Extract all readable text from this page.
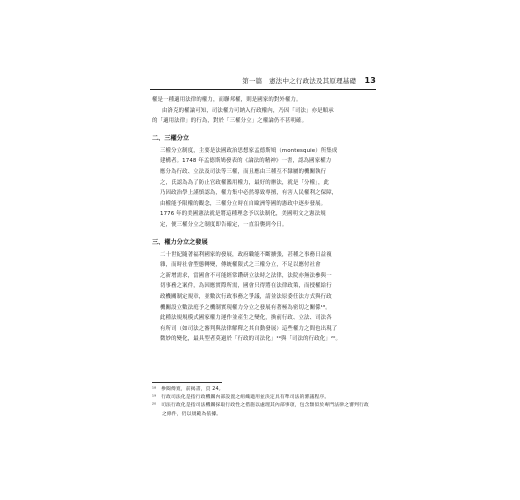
第一篇　憲法中之行政法及其原理基礎 13

權是一種適用法律的權力，而聯邦權，則是國家的對外權力。

由洛克的權論可知，司法權力可納入行政權內，乃因「司法」亦是順承

的「適用法律」的行為，對於「三權分立」之權論仍不甚明確。

二、三權分立

三權分立制度，主要是法國政治思想家孟德斯鳩（montesquie）所集成

建構者。1748 年孟德斯鳩發表的《論法的精神》一書，認為國家權力

應分為行政、立法及司法等三權，而且應由三種互不隸屬的機關執行

之，氏認為為了防止官政權濫用權力，最好的辦法，就是「分權」，此

乃因政治學上謹慎認為，權力集中必然導致專擅，有害人民權利之保障，

由權能予限權的觀念，三權分立時在自歐洲等國的憲政中逐步發展。

1776 年的美國憲法就是將這種理念予以法制化，美國明文之憲法規

定，便三權分立之制度即告確定，一直沿襲到今日。

三、權力分立之發展

二十世紀隨著福利國家的發展，政府職能不斷擴張，甚種之事務日益複

雜，而時社會型態轉變，傳統權限式之三權分立，不足以應付社會

之新增需求，當國會不可能經常鑽研立法時之法律，法院亦無法參與一

切事務之案件，為因應實際所需，國會只得將在法律政策，而授權給行

政機關制定規章，並數次行政事務之爭議，請並法原委任法方式與行政

機關設立數法庭予之機制實現權力分立之發展有著極為密切之關係¹⁸。

此種法規規模式國家權力運作並產生之變化，換前行政、立法、司法各

有所司（如司法之審判與法律解釋之其自動發展）這些權力之間也出現了

微妙的變化，最具型者莫過於「行政的司法化」¹⁹與「司法的行政化」²⁰。

¹⁸　參閱傅寬，前揭書，頁 24。

¹⁹　行政司法化是指行政機關內部設置之組織適用並決定具有準司法的審議程序。

²⁰　司法行政化是指司法機關採取行政性之措施以處理其內部事項，包含類似於專門法律之審判行政

　　之條件，仍以規範為依據。
